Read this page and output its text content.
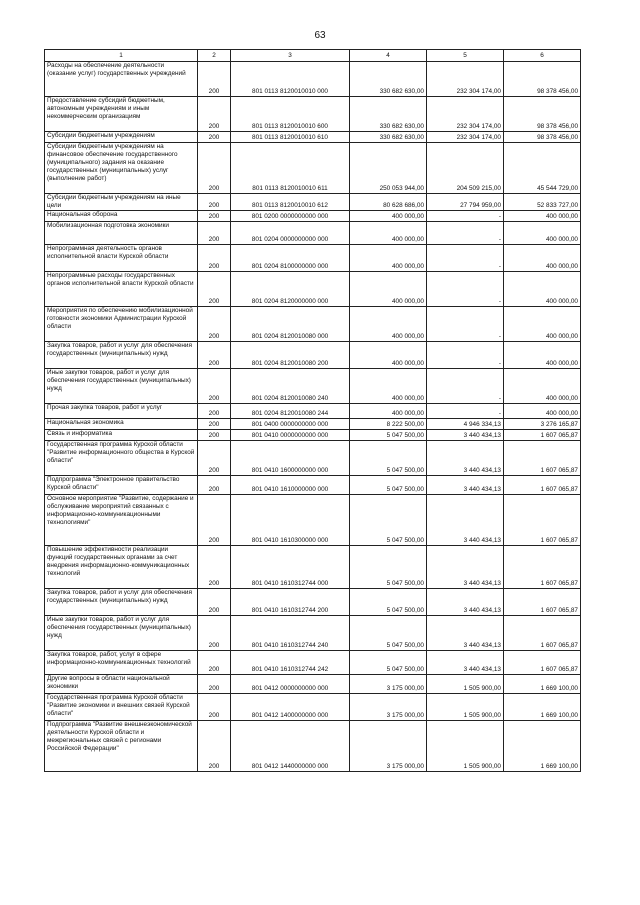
63
1	2	3	4	5	6
Расходы на обеспечение деятельности (оказание услуг) государственных учреждений	200	801 0113 8120010010 000	330 682 630,00	232 304 174,00	98 378 456,00
Предоставление субсидий бюджетным, автономным учреждениям и иным некоммерческим организациям	200	801 0113 8120010010 600	330 682 630,00	232 304 174,00	98 378 456,00
Субсидии бюджетным учреждениям	200	801 0113 8120010010 610	330 682 630,00	232 304 174,00	98 378 456,00
Субсидии бюджетным учреждениям на финансовое обеспечение государственного (муниципального) задания на оказание государственных (муниципальных) услуг (выполнение работ)	200	801 0113 8120010010 611	250 053 944,00	204 509 215,00	45 544 729,00
Субсидии бюджетным учреждениям на иные цели	200	801 0113 8120010010 612	80 628 686,00	27 794 959,00	52 833 727,00
Национальная оборона	200	801 0200 0000000000 000	400 000,00	-	400 000,00
Мобилизационная подготовка экономики	200	801 0204 0000000000 000	400 000,00	-	400 000,00
Непрограммная деятельность органов исполнительной власти Курской области	200	801 0204 8100000000 000	400 000,00	-	400 000,00
Непрограммные расходы государственных органов исполнительной власти Курской области	200	801 0204 8120000000 000	400 000,00	-	400 000,00
Мероприятия по обеспечению мобилизационной готовности экономики Администрации Курской области	200	801 0204 8120010080 000	400 000,00	-	400 000,00
Закупка товаров, работ и услуг для обеспечения государственных (муниципальных) нужд	200	801 0204 8120010080 200	400 000,00	-	400 000,00
Иные закупки товаров, работ и услуг для обеспечения государственных (муниципальных) нужд	200	801 0204 8120010080 240	400 000,00	-	400 000,00
Прочая закупка товаров, работ и услуг	200	801 0204 8120010080 244	400 000,00	-	400 000,00
Национальная экономика	200	801 0400 0000000000 000	8 222 500,00	4 946 334,13	3 276 165,87
Связь и информатика	200	801 0410 0000000000 000	5 047 500,00	3 440 434,13	1 607 065,87
Государственная программа Курской области "Развитие информационного общества в Курской области"	200	801 0410 1600000000 000	5 047 500,00	3 440 434,13	1 607 065,87
Подпрограмма "Электронное правительство Курской области"	200	801 0410 1610000000 000	5 047 500,00	3 440 434,13	1 607 065,87
Основное мероприятие "Развитие, содержание и обслуживание мероприятий связанных с информационно-коммуникационными технологиями"	200	801 0410 1610300000 000	5 047 500,00	3 440 434,13	1 607 065,87
Повышение эффективности реализации функций государственных органами за счет внедрения информационно-коммуникационных технологий	200	801 0410 1610312744 000	5 047 500,00	3 440 434,13	1 607 065,87
Закупка товаров, работ и услуг для обеспечения государственных (муниципальных) нужд	200	801 0410 1610312744 200	5 047 500,00	3 440 434,13	1 607 065,87
Иные закупки товаров, работ и услуг для обеспечения государственных (муниципальных) нужд	200	801 0410 1610312744 240	5 047 500,00	3 440 434,13	1 607 065,87
Закупка товаров, работ, услуг в сфере информационно-коммуникационных технологий	200	801 0410 1610312744 242	5 047 500,00	3 440 434,13	1 607 065,87
Другие вопросы в области национальной экономики	200	801 0412 0000000000 000	3 175 000,00	1 505 900,00	1 669 100,00
Государственная программа Курской области "Развитие экономики и внешних связей Курской области"	200	801 0412 1400000000 000	3 175 000,00	1 505 900,00	1 669 100,00
Подпрограмма "Развитие внешнеэкономической деятельности Курской области и межрегиональных связей с регионами Российской Федерации"	200	801 0412 1440000000 000	3 175 000,00	1 505 900,00	1 669 100,00
